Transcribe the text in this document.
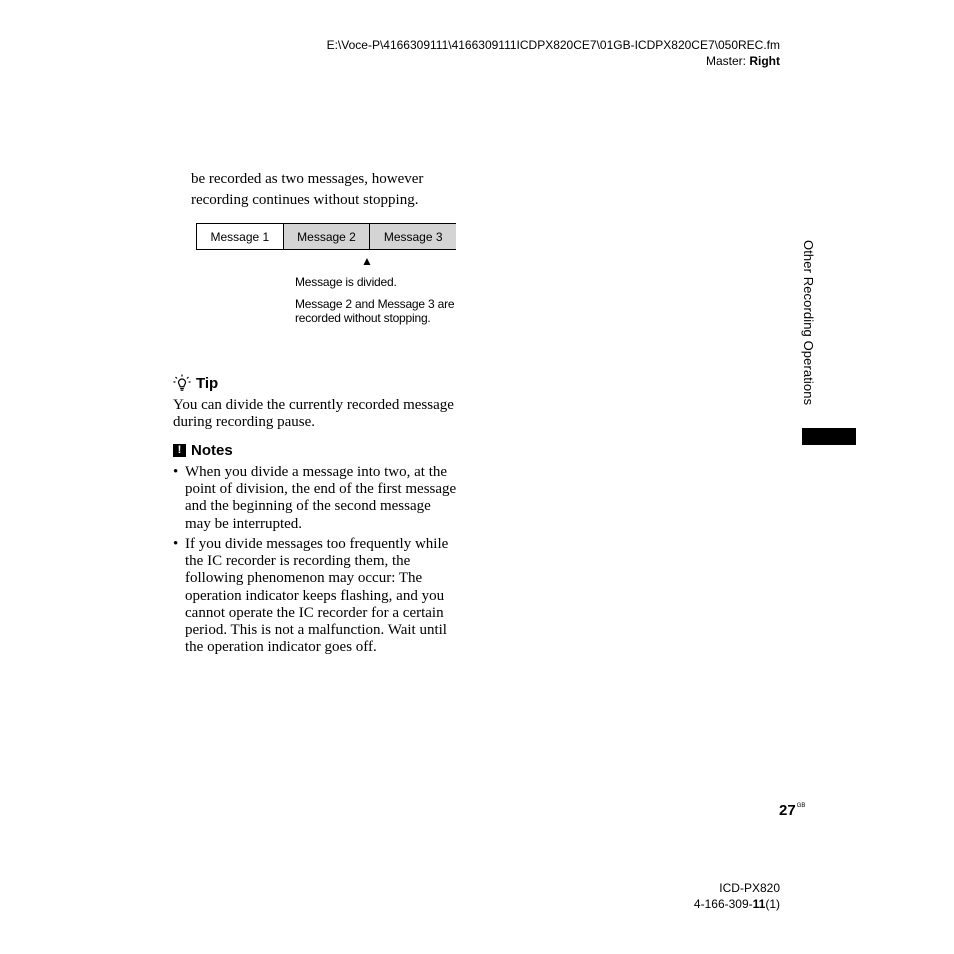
E:\Voce-P\4166309111\4166309111ICDPX820CE7\01GB-ICDPX820CE7\050REC.fm
Master: Right
be recorded as two messages, however
recording continues without stopping.
Message 1	Message 2	Message 3
▲
Message is divided.
Message 2 and Message 3 are
recorded without stopping.
Tip
You can divide the currently recorded message
during recording pause.
! Notes
• When you divide a message into two, at the
point of division, the end of the first message
and the beginning of the second message
may be interrupted.
• If you divide messages too frequently while
the IC recorder is recording them, the
following phenomenon may occur: The
operation indicator keeps flashing, and you
cannot operate the IC recorder for a certain
period. This is not a malfunction. Wait until
the operation indicator goes off.
Other Recording Operations
$27^{GB}$
ICD-PX820
4-166-309-11(1)
